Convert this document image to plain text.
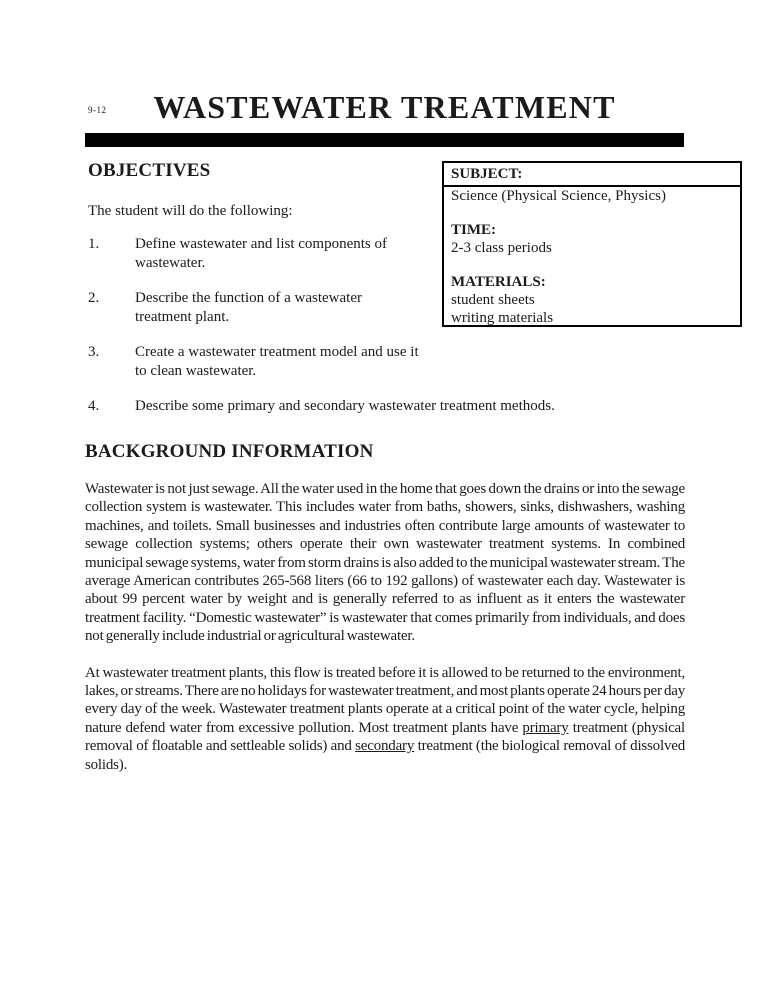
9-12	WASTEWATER TREATMENT
OBJECTIVES

The student will do the following:

1.	Define wastewater and list components of
wastewater.
2.	Describe the function of a wastewater
treatment plant.
3.	Create a wastewater treatment model and use it
to clean wastewater.
4.	Describe some primary and secondary wastewater treatment methods.
SUBJECT:
Science (Physical Science, Physics)
TIME:
2-3 class periods
MATERIALS:
student sheets
writing materials
BACKGROUND INFORMATION

Wastewater is not just sewage. All the water used in the home that goes down the drains or into the sewage collection system is wastewater. This includes water from baths, showers, sinks, dishwashers, washing machines, and toilets. Small businesses and industries often contribute large amounts of wastewater to sewage collection systems; others operate their own wastewater treatment systems. In combined municipal sewage systems, water from storm drains is also added to the municipal wastewater stream. The average American contributes 265-568 liters (66 to 192 gallons) of wastewater each day. Wastewater is about 99 percent water by weight and is generally referred to as influent as it enters the wastewater treatment facility. “Domestic wastewater” is wastewater that comes primarily from individuals, and does not generally include industrial or agricultural wastewater.

At wastewater treatment plants, this flow is treated before it is allowed to be returned to the environment, lakes, or streams. There are no holidays for wastewater treatment, and most plants operate 24 hours per day every day of the week. Wastewater treatment plants operate at a critical point of the water cycle, helping nature defend water from excessive pollution. Most treatment plants have primary treatment (physical removal of floatable and settleable solids) and secondary treatment (the biological removal of dissolved solids).
